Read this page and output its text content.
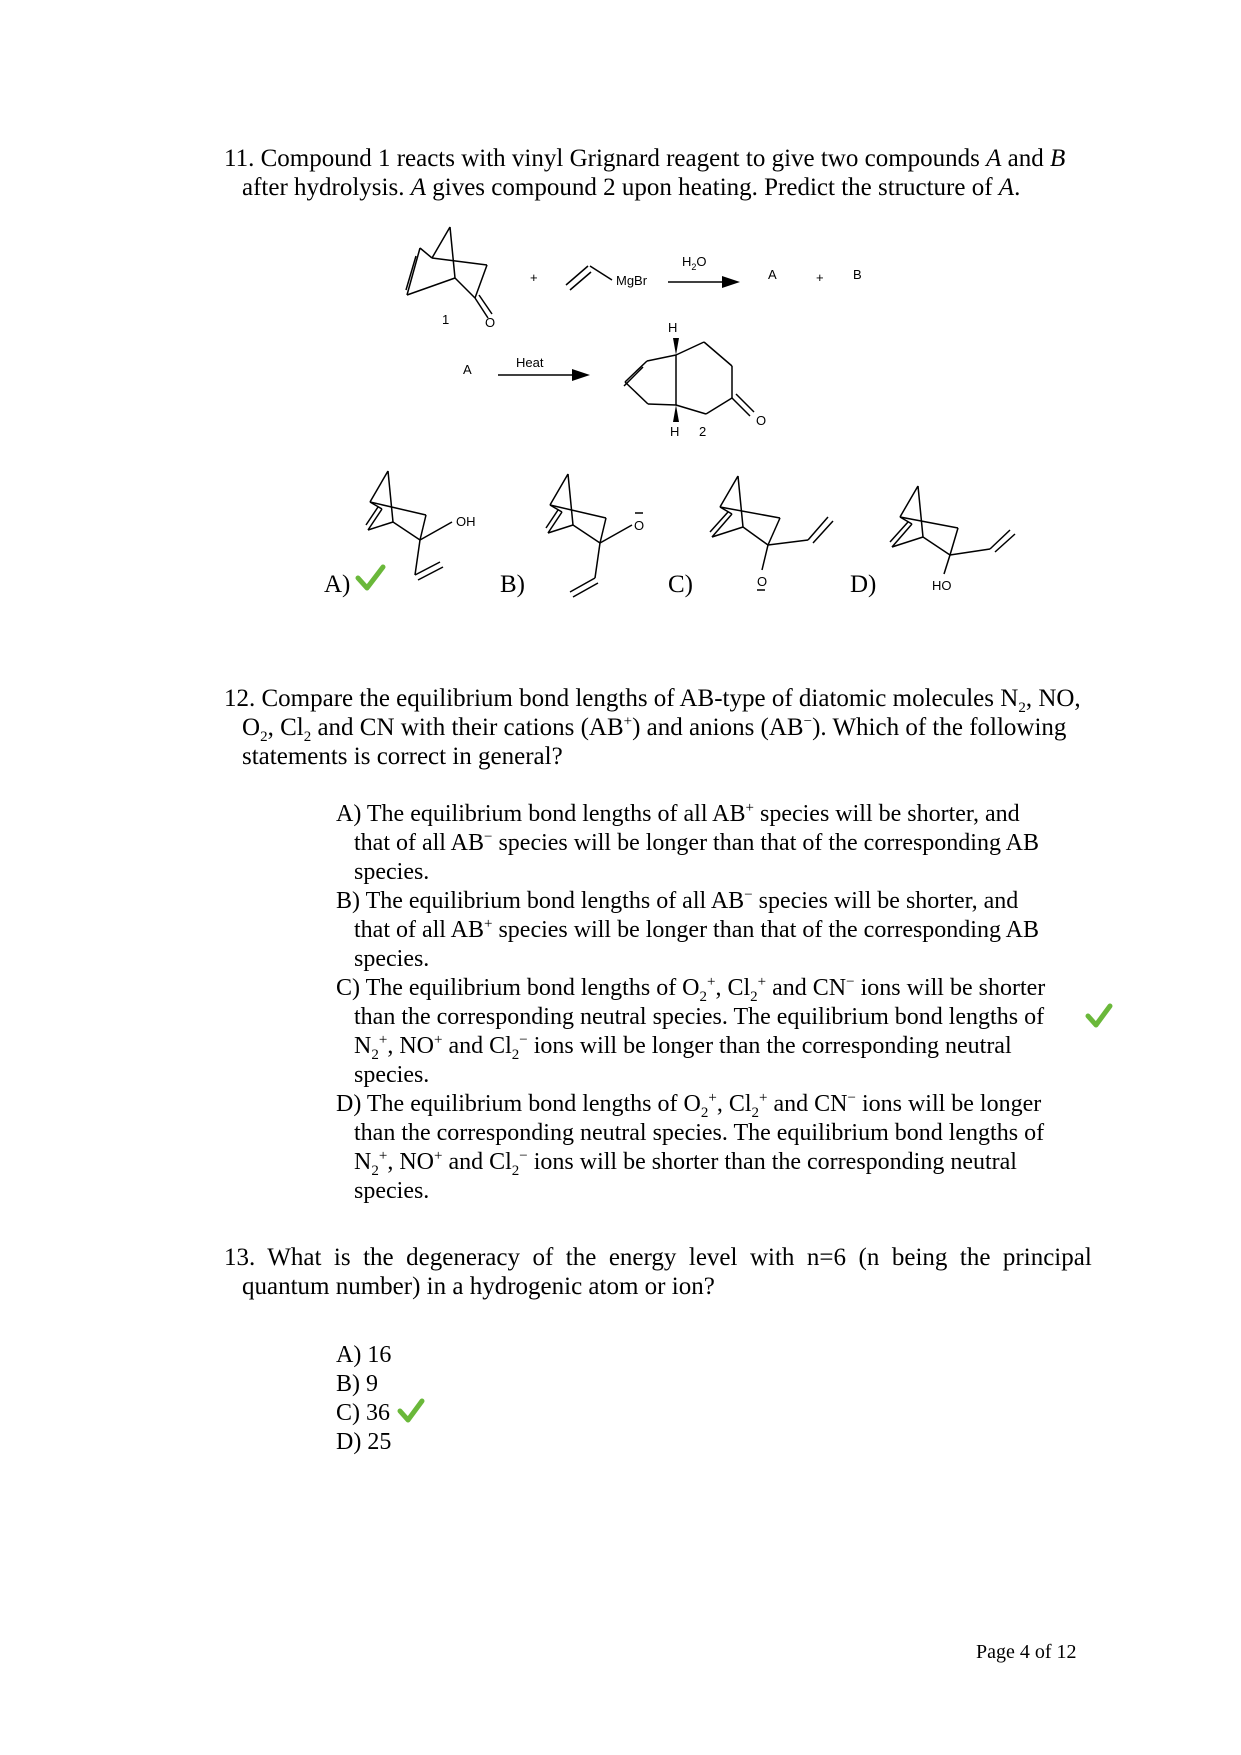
11. Compound 1 reacts with vinyl Grignard reagent to give two compounds A and B
after hydrolysis. A gives compound 2 upon heating. Predict the structure of A.
1	O
+	MgBr
$H_2O$
A	+ B
A	Heat
H
O
H 2
OH	O
O	HO
A)	B)	C)	D)
12. Compare the equilibrium bond lengths of AB-type of diatomic molecules $N_2$, NO,
$O_2$, $Cl_2$ and CN with their cations (AB+) and anions (AB−). Which of the following
statements is correct in general?
A) The equilibrium bond lengths of all AB+ species will be shorter, and
that of all AB− species will be longer than that of the corresponding AB
species.
B) The equilibrium bond lengths of all AB− species will be shorter, and
that of all AB+ species will be longer than that of the corresponding AB
species.
C) The equilibrium bond lengths of $O_2^+$, $Cl_2^+$ and CN− ions will be shorter
than the corresponding neutral species. The equilibrium bond lengths of
$N_2^+$, NO+ and $Cl_2^-$ ions will be longer than the corresponding neutral
species.
D) The equilibrium bond lengths of $O_2^+$, $Cl_2^+$ and CN− ions will be longer
than the corresponding neutral species. The equilibrium bond lengths of
$N_2^+$, NO+ and $Cl_2^-$ ions will be shorter than the corresponding neutral
species.
13.  What  is  the  degeneracy  of  the  energy  level  with  n=6  (n  being  the  principal
quantum number) in a hydrogenic atom or ion?
A) 16
B) 9
C) 36
D) 25
Page 4 of 12
